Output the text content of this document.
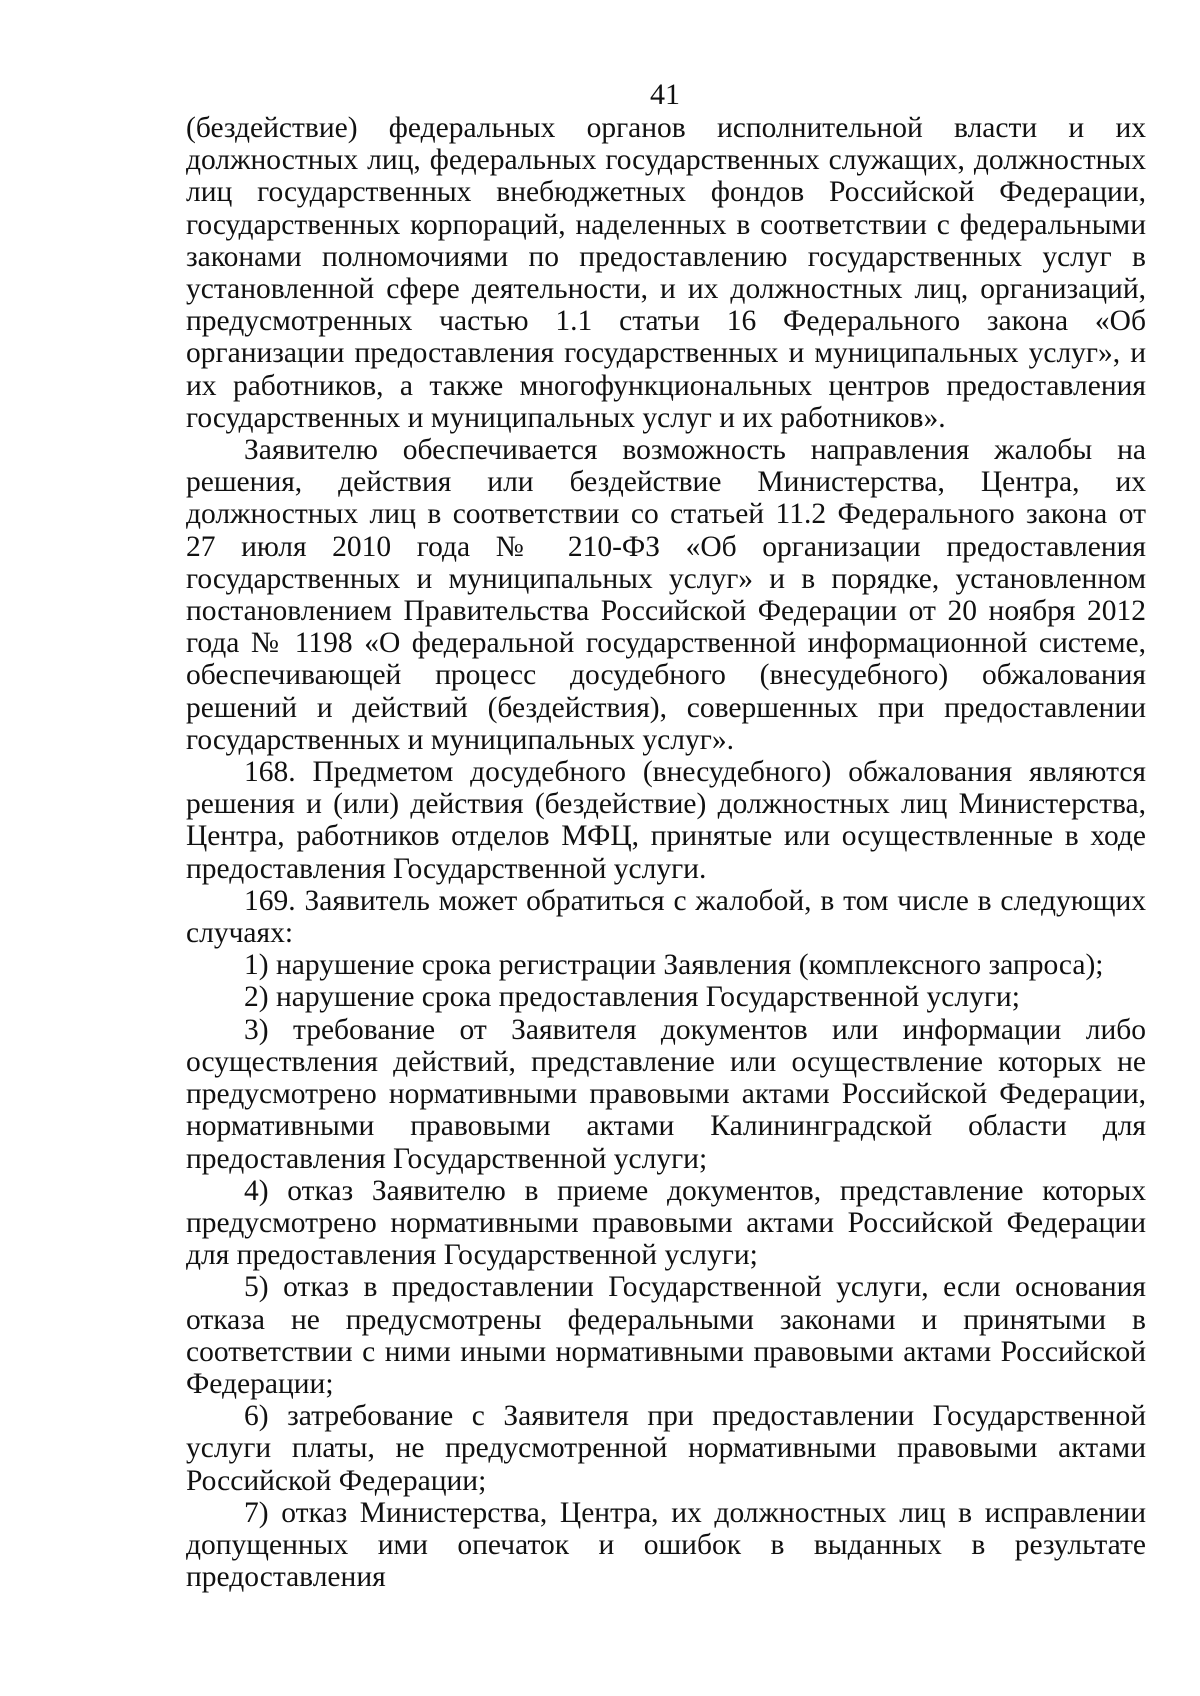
41

(бездействие) федеральных органов исполнительной власти и их должностных лиц, федеральных государственных служащих, должностных лиц государственных внебюджетных фондов Российской Федерации, государственных корпораций, наделенных в соответствии с федеральными законами полномочиями по предоставлению государственных услуг в установленной сфере деятельности, и их должностных лиц, организаций, предусмотренных частью 1.1 статьи 16 Федерального закона «Об организации предоставления государственных и муниципальных услуг», и их работников, а также многофункциональных центров предоставления государственных и муниципальных услуг и их работников».

Заявителю обеспечивается возможность направления жалобы на решения, действия или бездействие Министерства, Центра, их должностных лиц в соответствии со статьей 11.2 Федерального закона от 27 июля 2010 года № 210-ФЗ «Об организации предоставления государственных и муниципальных услуг» и в порядке, установленном постановлением Правительства Российской Федерации от 20 ноября 2012 года № 1198 «О федеральной государственной информационной системе, обеспечивающей процесс досудебного (внесудебного) обжалования решений и действий (бездействия), совершенных при предоставлении государственных и муниципальных услуг».

168. Предметом досудебного (внесудебного) обжалования являются решения и (или) действия (бездействие) должностных лиц Министерства, Центра, работников отделов МФЦ, принятые или осуществленные в ходе предоставления Государственной услуги.

169. Заявитель может обратиться с жалобой, в том числе в следующих случаях:

1) нарушение срока регистрации Заявления (комплексного запроса);

2) нарушение срока предоставления Государственной услуги;

3) требование от Заявителя документов или информации либо осуществления действий, представление или осуществление которых не предусмотрено нормативными правовыми актами Российской Федерации, нормативными правовыми актами Калининградской области для предоставления Государственной услуги;

4) отказ Заявителю в приеме документов, представление которых предусмотрено нормативными правовыми актами Российской Федерации для предоставления Государственной услуги;

5) отказ в предоставлении Государственной услуги, если основания отказа не предусмотрены федеральными законами и принятыми в соответствии с ними иными нормативными правовыми актами Российской Федерации;

6) затребование с Заявителя при предоставлении Государственной услуги платы, не предусмотренной нормативными правовыми актами Российской Федерации;

7) отказ Министерства, Центра, их должностных лиц в исправлении допущенных ими опечаток и ошибок в выданных в результате предоставления
